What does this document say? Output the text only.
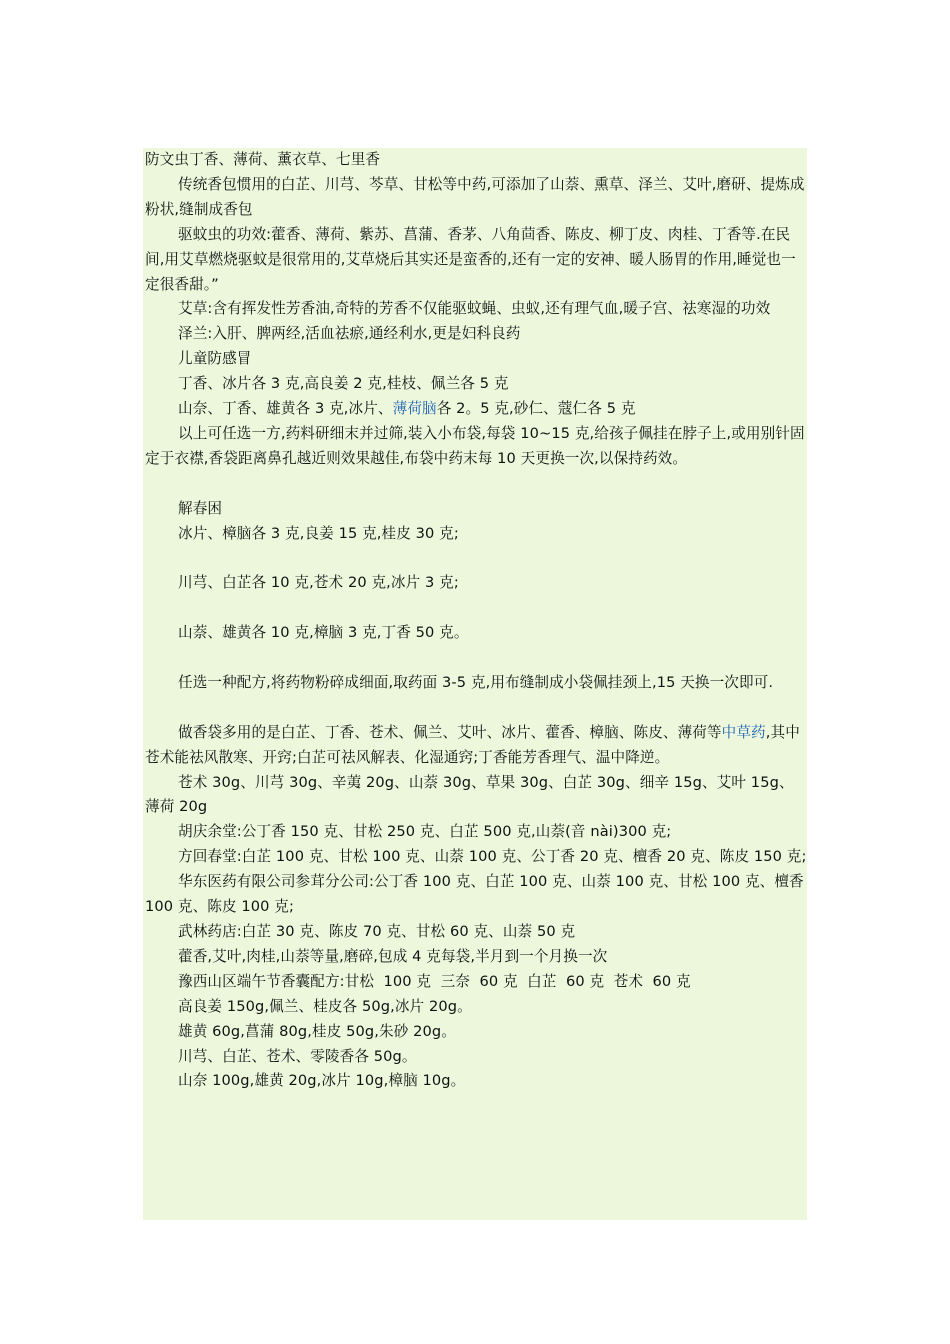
防文虫丁香、薄荷、薰衣草、七里香

传统香包惯用的白芷、川芎、芩草、甘松等中药,可添加了山萘、熏草、泽兰、艾叶,磨研、提炼成粉状,缝制成香包

驱蚊虫的功效:藿香、薄荷、紫苏、菖蒲、香茅、八角茴香、陈皮、柳丁皮、肉桂、丁香等.在民间,用艾草燃烧驱蚊是很常用的,艾草烧后其实还是蛮香的,还有一定的安神、暖人肠胃的作用,睡觉也一定很香甜。”

艾草:含有挥发性芳香油,奇特的芳香不仅能驱蚊蝇、虫蚁,还有理气血,暖子宫、祛寒湿的功效

泽兰:入肝、脾两经,活血祛瘀,通经利水,更是妇科良药

儿童防感冒

丁香、冰片各 3 克,高良姜 2 克,桂枝、佩兰各 5 克

山奈、丁香、雄黄各 3 克,冰片、薄荷脑各 2。5 克,砂仁、蔻仁各 5 克

以上可任选一方,药料研细末并过筛,装入小布袋,每袋 10~15 克,给孩子佩挂在脖子上,或用别针固定于衣襟,香袋距离鼻孔越近则效果越佳,布袋中药末每 10 天更换一次,以保持药效。

解春困

冰片、樟脑各 3 克,良姜 15 克,桂皮 30 克;

川芎、白芷各 10 克,苍术 20 克,冰片 3 克;

山萘、雄黄各 10 克,樟脑 3 克,丁香 50 克。

任选一种配方,将药物粉碎成细面,取药面 3-5 克,用布缝制成小袋佩挂颈上,15 天换一次即可.

做香袋多用的是白芷、丁香、苍术、佩兰、艾叶、冰片、藿香、樟脑、陈皮、薄荷等中草药,其中苍术能祛风散寒、开窍;白芷可祛风解表、化湿通窍;丁香能芳香理气、温中降逆。

苍术 30g、川芎 30g、辛荑 20g、山萘 30g、草果 30g、白芷 30g、细辛 15g、艾叶 15g、薄荷 20g

胡庆余堂:公丁香 150 克、甘松 250 克、白芷 500 克,山萘(音 nài)300 克;

方回春堂:白芷 100 克、甘松 100 克、山萘 100 克、公丁香 20 克、檀香 20 克、陈皮 150 克;

华东医药有限公司参茸分公司:公丁香 100 克、白芷 100 克、山萘 100 克、甘松 100 克、檀香 100 克、陈皮 100 克;

武林药店:白芷 30 克、陈皮 70 克、甘松 60 克、山萘 50 克

藿香,艾叶,肉桂,山萘等量,磨碎,包成 4 克每袋,半月到一个月换一次

豫西山区端午节香囊配方:甘松  100 克  三奈  60 克  白芷  60 克  苍术  60 克

高良姜 150g,佩兰、桂皮各 50g,冰片 20g。

雄黄 60g,菖蒲 80g,桂皮 50g,朱砂 20g。

川芎、白芷、苍术、零陵香各 50g。

山奈 100g,雄黄 20g,冰片 10g,樟脑 10g。
